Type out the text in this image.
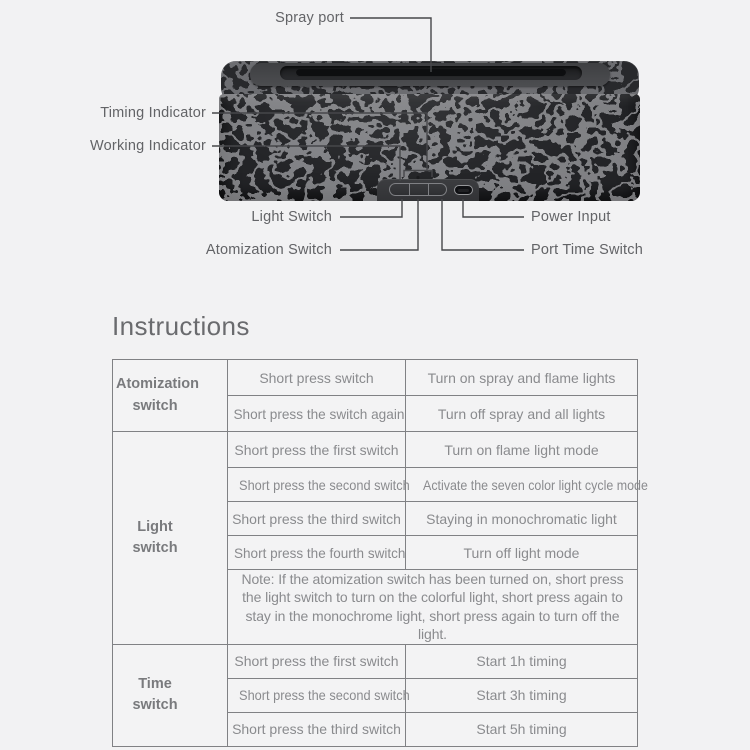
Spray port
Timing Indicator
Working Indicator
Light Switch
Atomization Switch
Power Input
Port Time Switch
Instructions
Atomization switch	Short press switch	Turn on spray and flame lights
	Short press the switch again	Turn off spray and all lights

Light switch	Short press the first switch	Turn on flame light mode
	Short press the second switch	Activate the seven color light cycle mode
	Short press the third switch	Staying in monochromatic light
	Short press the fourth switch	Turn off light mode
	Note: If the atomization switch has been turned on, short press the light switch to turn on the colorful light, short press again to stay in the monochrome light, short press again to turn off the light.	

Time switch	Short press the first switch	Start 1h timing
	Short press the second switch	Start 3h timing
	Short press the third switch	Start 5h timing
